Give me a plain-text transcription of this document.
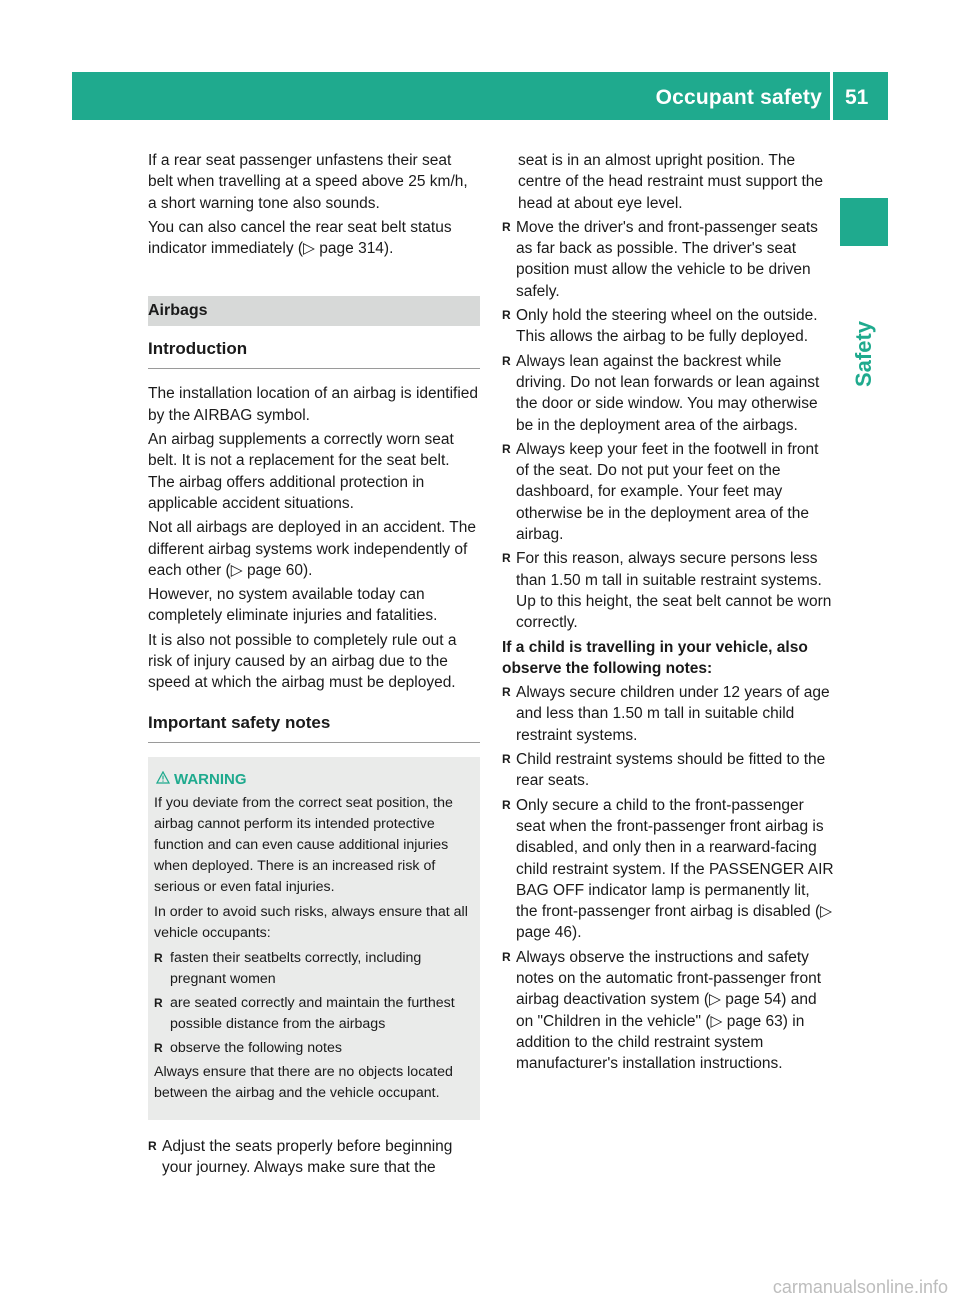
Occupant safety 51
Safety

If a rear seat passenger unfastens their seat belt when travelling at a speed above 25 km/h, a short warning tone also sounds.

You can also cancel the rear seat belt status indicator immediately (▷ page 314).

Airbags
Introduction

The installation location of an airbag is identified by the AIRBAG symbol.

An airbag supplements a correctly worn seat belt. It is not a replacement for the seat belt. The airbag offers additional protection in applicable accident situations.

Not all airbags are deployed in an accident. The different airbag systems work independently of each other (▷ page 60).

However, no system available today can completely eliminate injuries and fatalities.

It is also not possible to completely rule out a risk of injury caused by an airbag due to the speed at which the airbag must be deployed.

Important safety notes
WARNING

If you deviate from the correct seat position, the airbag cannot perform its intended protective function and can even cause additional injuries when deployed. There is an increased risk of serious or even fatal injuries.

In order to avoid such risks, always ensure that all vehicle occupants:

R fasten their seatbelts correctly, including pregnant women
R are seated correctly and maintain the furthest possible distance from the airbags
R observe the following notes

Always ensure that there are no objects located between the airbag and the vehicle occupant.

R Adjust the seats properly before beginning your journey. Always make sure that the

seat is in an almost upright position. The centre of the head restraint must support the head at about eye level.

R Move the driver's and front-passenger seats as far back as possible. The driver's seat position must allow the vehicle to be driven safely.
R Only hold the steering wheel on the outside. This allows the airbag to be fully deployed.
R Always lean against the backrest while driving. Do not lean forwards or lean against the door or side window. You may otherwise be in the deployment area of the airbags.
R Always keep your feet in the footwell in front of the seat. Do not put your feet on the dashboard, for example. Your feet may otherwise be in the deployment area of the airbag.
R For this reason, always secure persons less than 1.50 m tall in suitable restraint systems. Up to this height, the seat belt cannot be worn correctly.
If a child is travelling in your vehicle, also observe the following notes:
R Always secure children under 12 years of age and less than 1.50 m tall in suitable child restraint systems.
R Child restraint systems should be fitted to the rear seats.
R Only secure a child to the front-passenger seat when the front-passenger front airbag is disabled, and only then in a rearward-facing child restraint system. If the PASSENGER AIR BAG OFF indicator lamp is permanently lit, the front-passenger front airbag is disabled (▷ page 46).
R Always observe the instructions and safety notes on the automatic front-passenger front airbag deactivation system (▷ page 54) and on "Children in the vehicle" (▷ page 63) in addition to the child restraint system manufacturer's installation instructions.
carmanualsonline.info
